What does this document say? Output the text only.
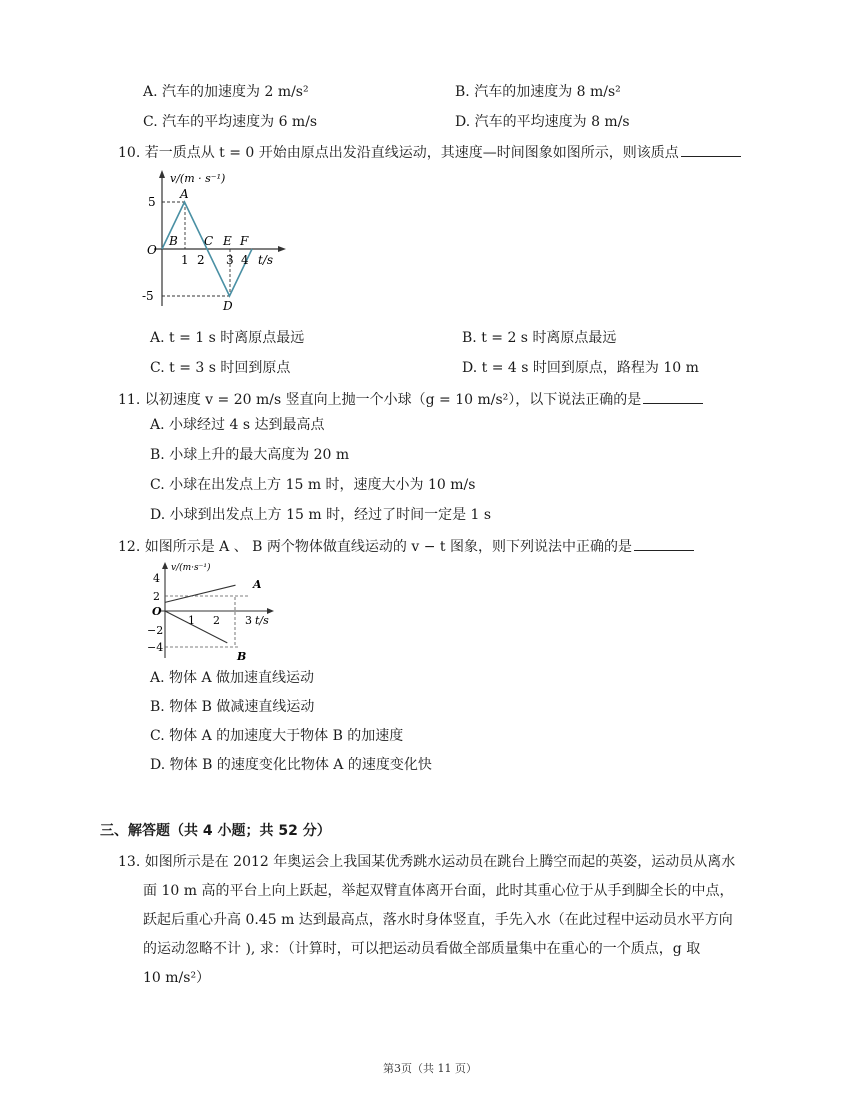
A. 汽车的加速度为 2 m/s²	B. 汽车的加速度为 8 m/s²
C. 汽车的平均速度为 6 m/s	D. 汽车的平均速度为 8 m/s
10. 若一质点从 t = 0 开始由原点出发沿直线运动，其速度—时间图象如图所示，则该质点
v/(m · s⁻¹)
t/s
5
O
-5
1 2 3 4
A
B C E F
D
A. t = 1 s 时离原点最远	B. t = 2 s 时离原点最远
C. t = 3 s 时回到原点	D. t = 4 s 时回到原点，路程为 10 m
11. 以初速度 v = 20 m/s 竖直向上抛一个小球（g = 10 m/s²），以下说法正确的是
A. 小球经过 4 s 达到最高点
B. 小球上升的最大高度为 20 m
C. 小球在出发点上方 15 m 时，速度大小为 10 m/s
D. 小球到出发点上方 15 m 时，经过了时间一定是 1 s
12. 如图所示是 A 、 B 两个物体做直线运动的 v − t 图象，则下列说法中正确的是
v/(m·s⁻¹)
t/s
4
2
O
−2
−4
1 2 3
A
B
A. 物体 A 做加速直线运动
B. 物体 B 做减速直线运动
C. 物体 A 的加速度大于物体 B 的加速度
D. 物体 B 的速度变化比物体 A 的速度变化快
三、解答题（共 4 小题；共 52 分）
13. 如图所示是在 2012 年奥运会上我国某优秀跳水运动员在跳台上腾空而起的英姿，运动员从离水
面 10 m 高的平台上向上跃起，举起双臂直体离开台面，此时其重心位于从手到脚全长的中点，
跃起后重心升高 0.45 m 达到最高点，落水时身体竖直，手先入水（在此过程中运动员水平方向
的运动忽略不计 ), 求：（计算时，可以把运动员看做全部质量集中在重心的一个质点，g 取
10 m/s²）
第3页（共 11 页）
